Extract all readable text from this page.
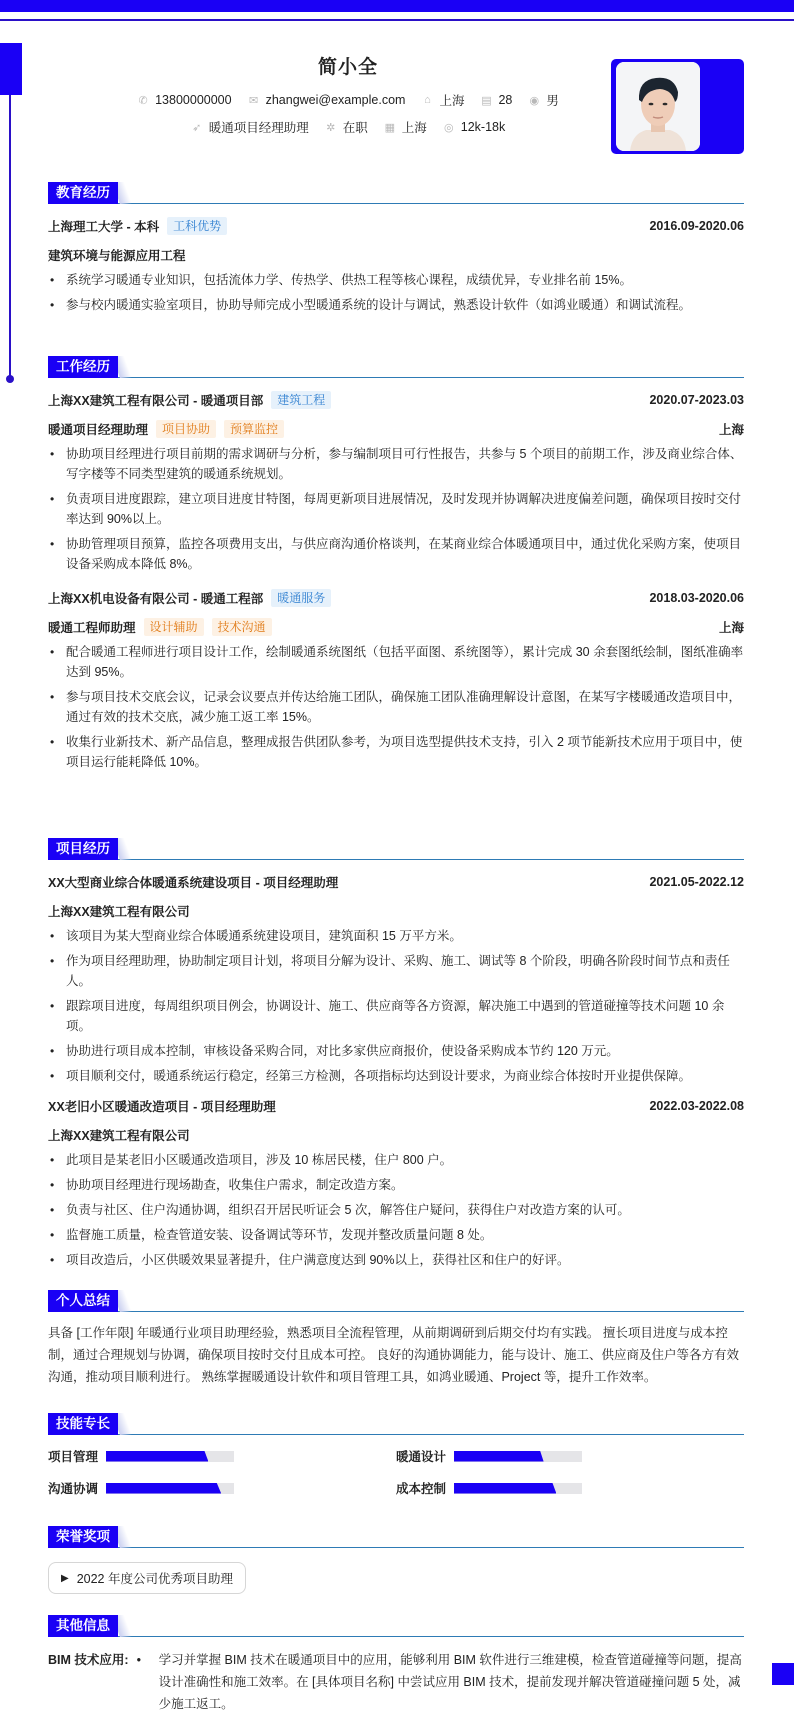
简小全
✆ 13800000000 ✉ zhangwei@example.com ⌂ 上海 ▤ 28 ◉ 男
➶ 暖通项目经理助理 ✲ 在职 ▦ 上海 ◎ 12k-18k
教育经历
上海理工大学 - 本科	工科优势	2016.09-2020.06
建筑环境与能源应用工程
• 系统学习暖通专业知识，包括流体力学、传热学、供热工程等核心课程，成绩优异，专业排名前 15%。
• 参与校内暖通实验室项目，协助导师完成小型暖通系统的设计与调试，熟悉设计软件（如鸿业暖通）和调试流程。
工作经历
上海XX建筑工程有限公司 - 暖通项目部	建筑工程	2020.07-2023.03
暖通项目经理助理	项目协助	预算监控	上海
• 协助项目经理进行项目前期的需求调研与分析，参与编制项目可行性报告，共参与 5 个项目的前期工作，涉及商业综合体、写字楼等不同类型建筑的暖通系统规划。
• 负责项目进度跟踪，建立项目进度甘特图，每周更新项目进展情况，及时发现并协调解决进度偏差问题，确保项目按时交付率达到 90%以上。
• 协助管理项目预算，监控各项费用支出，与供应商沟通价格谈判，在某商业综合体暖通项目中，通过优化采购方案，使项目设备采购成本降低 8%。
上海XX机电设备有限公司 - 暖通工程部	暖通服务	2018.03-2020.06
暖通工程师助理	设计辅助	技术沟通	上海
• 配合暖通工程师进行项目设计工作，绘制暖通系统图纸（包括平面图、系统图等），累计完成 30 余套图纸绘制，图纸准确率达到 95%。
• 参与项目技术交底会议，记录会议要点并传达给施工团队，确保施工团队准确理解设计意图，在某写字楼暖通改造项目中，通过有效的技术交底，减少施工返工率 15%。
• 收集行业新技术、新产品信息，整理成报告供团队参考，为项目选型提供技术支持，引入 2 项节能新技术应用于项目中，使项目运行能耗降低 10%。
项目经历
XX大型商业综合体暖通系统建设项目 - 项目经理助理	2021.05-2022.12
上海XX建筑工程有限公司
• 该项目为某大型商业综合体暖通系统建设项目，建筑面积 15 万平方米。
• 作为项目经理助理，协助制定项目计划，将项目分解为设计、采购、施工、调试等 8 个阶段，明确各阶段时间节点和责任人。
• 跟踪项目进度，每周组织项目例会，协调设计、施工、供应商等各方资源，解决施工中遇到的管道碰撞等技术问题 10 余项。
• 协助进行项目成本控制，审核设备采购合同，对比多家供应商报价，使设备采购成本节约 120 万元。
• 项目顺利交付，暖通系统运行稳定，经第三方检测，各项指标均达到设计要求，为商业综合体按时开业提供保障。
XX老旧小区暖通改造项目 - 项目经理助理	2022.03-2022.08
上海XX建筑工程有限公司
• 此项目是某老旧小区暖通改造项目，涉及 10 栋居民楼，住户 800 户。
• 协助项目经理进行现场勘查，收集住户需求，制定改造方案。
• 负责与社区、住户沟通协调，组织召开居民听证会 5 次，解答住户疑问，获得住户对改造方案的认可。
• 监督施工质量，检查管道安装、设备调试等环节，发现并整改质量问题 8 处。
• 项目改造后，小区供暖效果显著提升，住户满意度达到 90%以上，获得社区和住户的好评。
个人总结
具备 [工作年限] 年暖通行业项目助理经验，熟悉项目全流程管理，从前期调研到后期交付均有实践。 擅长项目进度与成本控制，通过合理规划与协调，确保项目按时交付且成本可控。 良好的沟通协调能力，能与设计、施工、供应商及住户等各方有效沟通，推动项目顺利进行。 熟练掌握暖通设计软件和项目管理工具，如鸿业暖通、Project 等，提升工作效率。
技能专长
项目管理	暖通设计
沟通协调	成本控制
荣誉奖项
▶ 2022 年度公司优秀项目助理
其他信息
BIM 技术应用:	• 学习并掌握 BIM 技术在暖通项目中的应用，能够利用 BIM 软件进行三维建模，检查管道碰撞等问题，提高设计准确性和施工效率。在 [具体项目名称] 中尝试应用 BIM 技术，提前发现并解决管道碰撞问题 5 处，减少施工返工。
